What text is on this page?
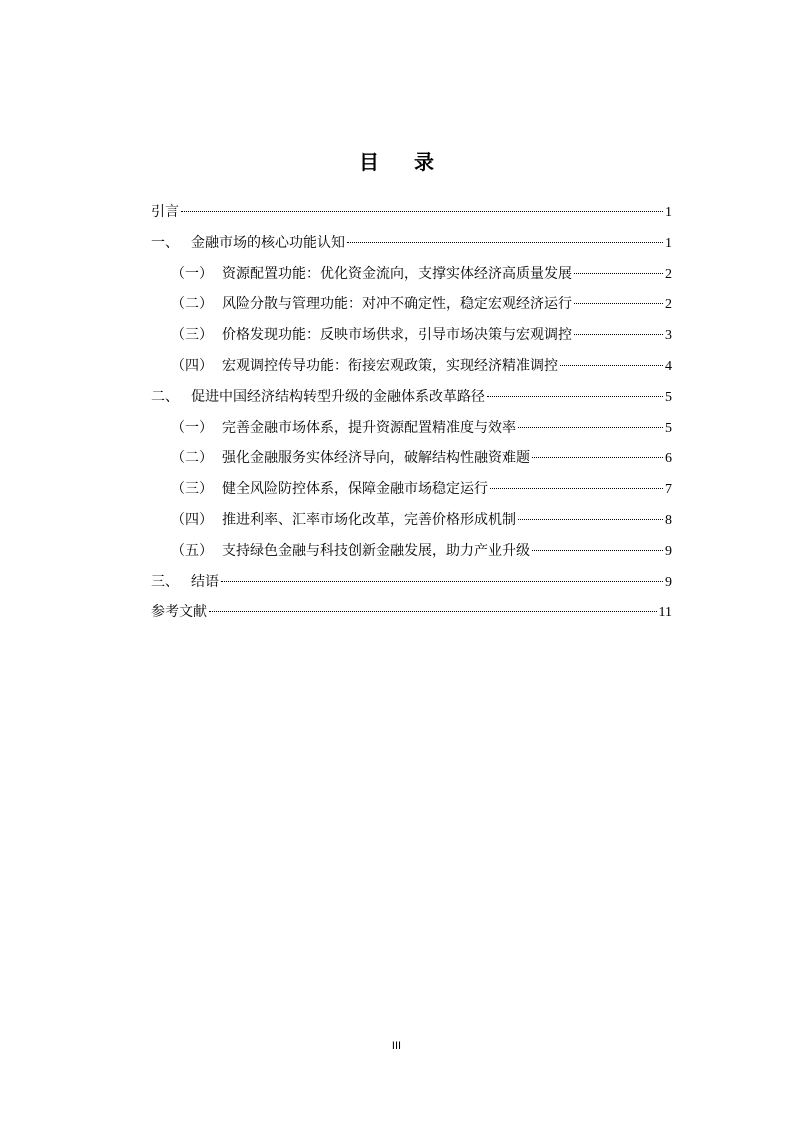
目 录
引言	1
一、 金融市场的核心功能认知	1
（一） 资源配置功能：优化资金流向，支撑实体经济高质量发展	2
（二） 风险分散与管理功能：对冲不确定性，稳定宏观经济运行	2
（三） 价格发现功能：反映市场供求，引导市场决策与宏观调控	3
（四） 宏观调控传导功能：衔接宏观政策，实现经济精准调控	4
二、 促进中国经济结构转型升级的金融体系改革路径	5
（一） 完善金融市场体系，提升资源配置精准度与效率	5
（二） 强化金融服务实体经济导向，破解结构性融资难题	6
（三） 健全风险防控体系，保障金融市场稳定运行	7
（四） 推进利率、汇率市场化改革，完善价格形成机制	8
（五） 支持绿色金融与科技创新金融发展，助力产业升级	9
三、 结语	9
参考文献	11
III
